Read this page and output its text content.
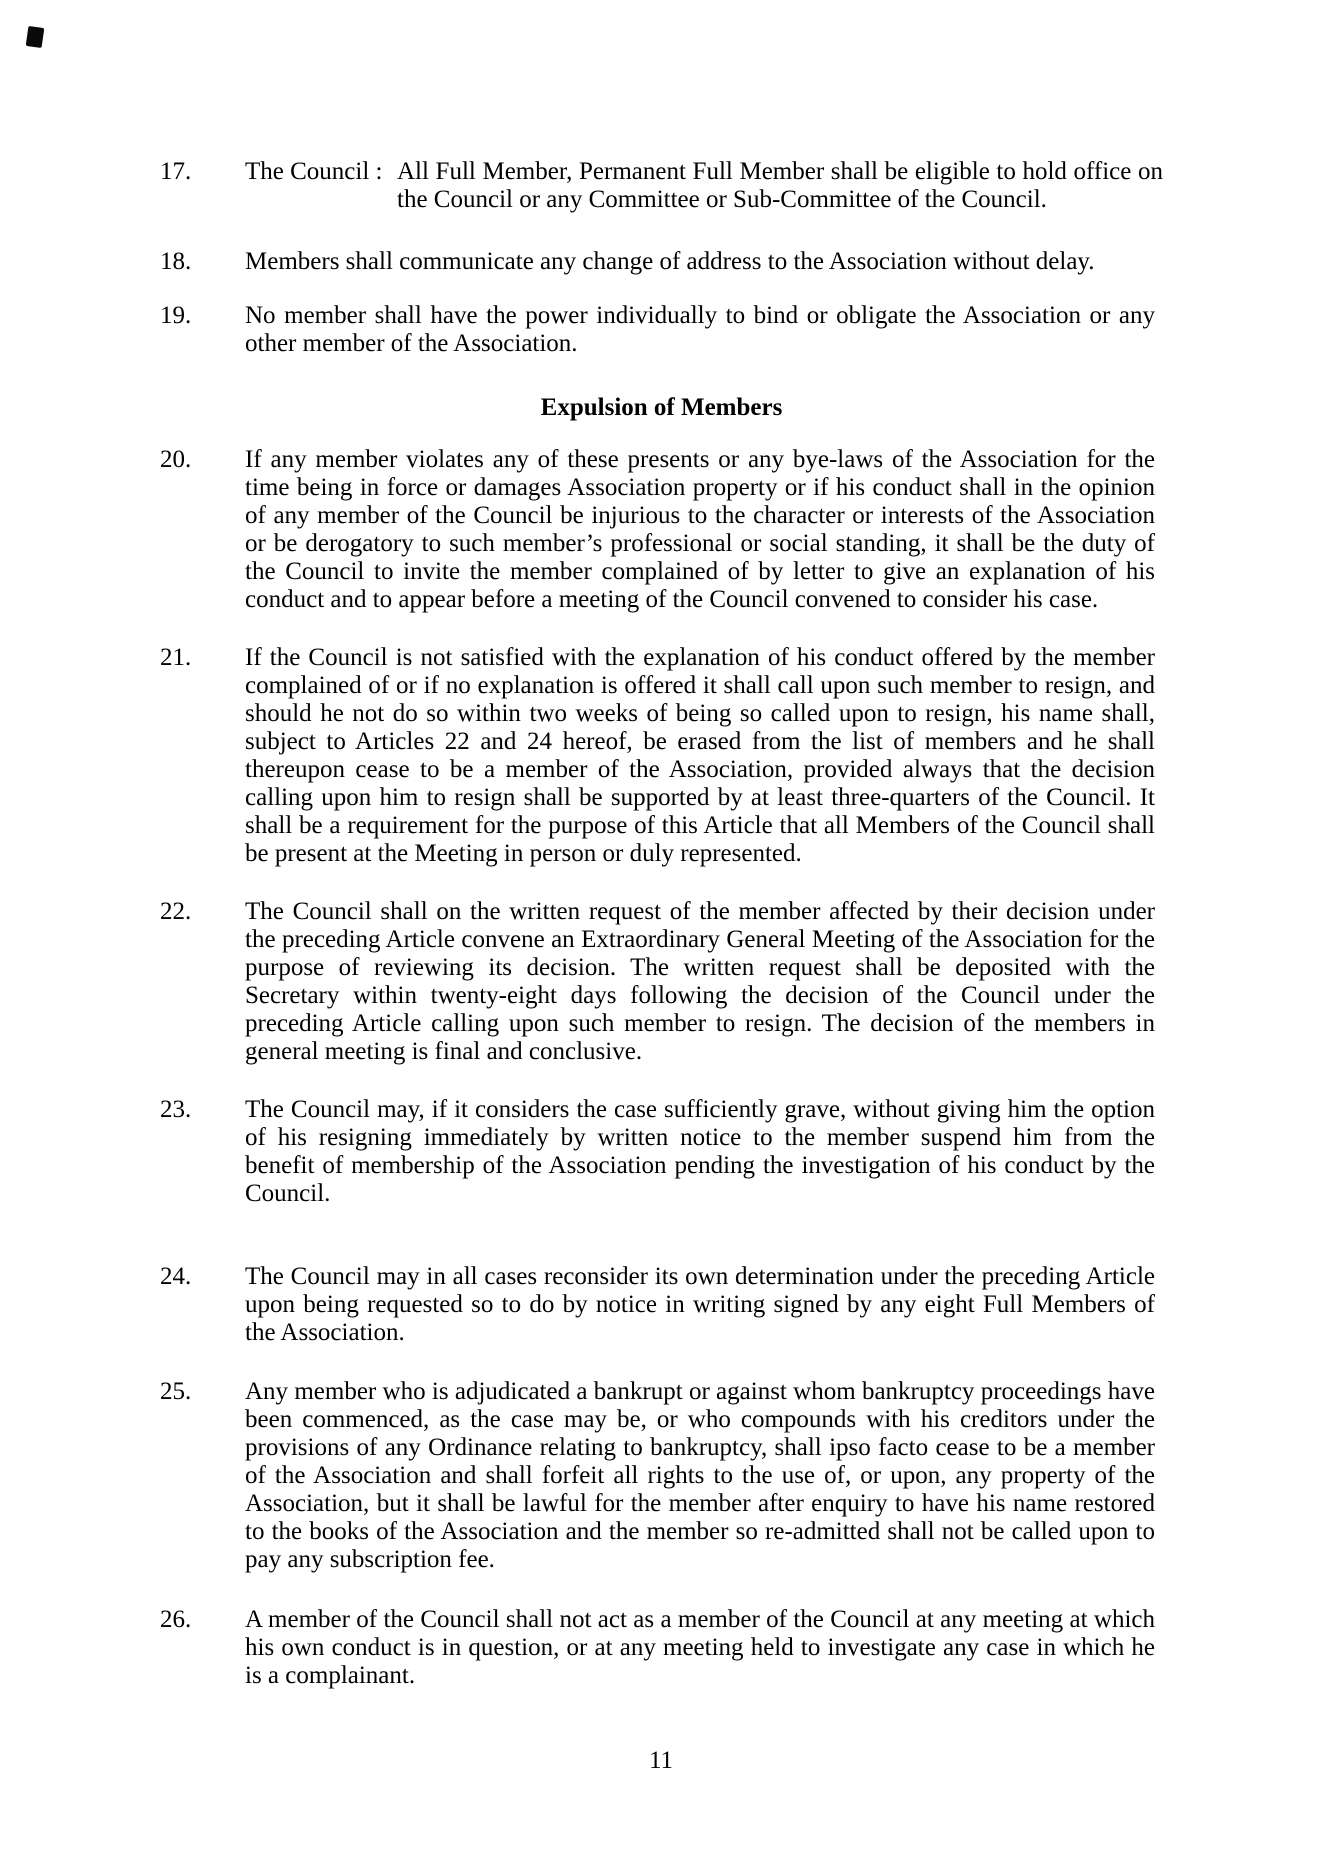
17.	The Council : All Full Member, Permanent Full Member shall be eligible to hold office on the Council or any Committee or Sub-Committee of the Council.
18.	Members shall communicate any change of address to the Association without delay.
19.	No member shall have the power individually to bind or obligate the Association or any other member of the Association.
Expulsion of Members
20.	If any member violates any of these presents or any bye-laws of the Association for the time being in force or damages Association property or if his conduct shall in the opinion of any member of the Council be injurious to the character or interests of the Association or be derogatory to such member’s professional or social standing, it shall be the duty of the Council to invite the member complained of by letter to give an explanation of his conduct and to appear before a meeting of the Council convened to consider his case.
21.	If the Council is not satisfied with the explanation of his conduct offered by the member complained of or if no explanation is offered it shall call upon such member to resign, and should he not do so within two weeks of being so called upon to resign, his name shall, subject to Articles 22 and 24 hereof, be erased from the list of members and he shall thereupon cease to be a member of the Association, provided always that the decision calling upon him to resign shall be supported by at least three-quarters of the Council. It shall be a requirement for the purpose of this Article that all Members of the Council shall be present at the Meeting in person or duly represented.
22.	The Council shall on the written request of the member affected by their decision under the preceding Article convene an Extraordinary General Meeting of the Association for the purpose of reviewing its decision. The written request shall be deposited with the Secretary within twenty-eight days following the decision of the Council under the preceding Article calling upon such member to resign. The decision of the members in general meeting is final and conclusive.
23.	The Council may, if it considers the case sufficiently grave, without giving him the option of his resigning immediately by written notice to the member suspend him from the benefit of membership of the Association pending the investigation of his conduct by the Council.
24.	The Council may in all cases reconsider its own determination under the preceding Article upon being requested so to do by notice in writing signed by any eight Full Members of the Association.
25.	Any member who is adjudicated a bankrupt or against whom bankruptcy proceedings have been commenced, as the case may be, or who compounds with his creditors under the provisions of any Ordinance relating to bankruptcy, shall ipso facto cease to be a member of the Association and shall forfeit all rights to the use of, or upon, any property of the Association, but it shall be lawful for the member after enquiry to have his name restored to the books of the Association and the member so re-admitted shall not be called upon to pay any subscription fee.
26.	A member of the Council shall not act as a member of the Council at any meeting at which his own conduct is in question, or at any meeting held to investigate any case in which he is a complainant.
11
